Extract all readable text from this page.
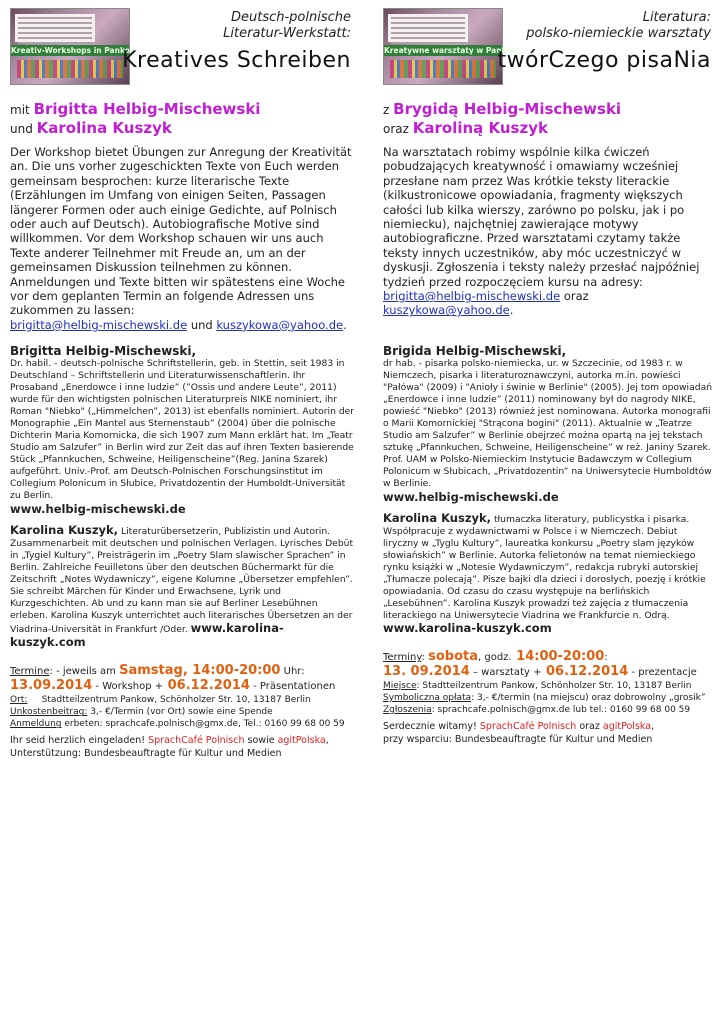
Kreativ-Workshops in Pankow
Deutsch-polnische
Literatur-Werkstatt:
Kreatives Schreiben
mit Brigitta Helbig-Mischewski
und Karolina Kuszyk

Der Workshop bietet Übungen zur Anregung der Kreativität an. Die uns vorher zugeschickten Texte von Euch werden gemeinsam besprochen: kurze literarische Texte (Erzählungen im Umfang von einigen Seiten, Passagen längerer Formen oder auch einige Gedichte, auf Polnisch oder auch auf Deutsch). Autobiografische Motive sind willkommen. Vor dem Workshop schauen wir uns auch Texte anderer Teilnehmer mit Freude an, um an der gemeinsamen Diskussion teilnehmen zu können. Anmeldungen und Texte bitten wir spätestens eine Woche vor dem geplanten Termin an folgende Adressen uns zukommen zu lassen:
brigitta@helbig-mischewski.de und kuszykowa@yahoo.de.

Brigitta Helbig-Mischewski,

Dr. habil. - deutsch-polnische Schriftstellerin, geb. in Stettin, seit 1983 in Deutschland – Schriftstellerin und Literaturwissenschaftlerin. Ihr Prosaband „Enerdowce i inne ludzie” (”Ossis und andere Leute”, 2011) wurde für den wichtigsten polnischen Literaturpreis NIKE nominiert, ihr Roman "Niebko" („Himmelchen”, 2013) ist ebenfalls nominiert. Autorin der Monographie „Ein Mantel aus Sternenstaub” (2004) über die polnische Dichterin Maria Komornicka, die sich 1907 zum Mann erklärt hat. Im „Teatr Studio am Salzufer” in Berlin wird zur Zeit das auf ihren Texten basierende Stück „Pfannkuchen, Schweine, Heiligenscheine”(Reg. Janina Szarek) aufgeführt. Univ.-Prof. am Deutsch-Polnischen Forschungsinstitut im Collegium Polonicum in Słubice, Privatdozentin der Humboldt-Universität zu Berlin.

www.helbig-mischewski.de

Karolina Kuszyk, Literaturübersetzerin, Publizistin und Autorin. Zusammenarbeit mit deutschen und polnischen Verlagen. Lyrisches Debüt in „Tygiel Kultury”, Preisträgerin im „Poetry Slam slawischer Sprachen” in Berlin. Zahlreiche Feuilletons über den deutschen Büchermarkt für die Zeitschrift „Notes Wydawniczy”, eigene Kolumne „Übersetzer empfehlen”. Sie schreibt Märchen für Kinder und Erwachsene, Lyrik und Kurzgeschichten. Ab und zu kann man sie auf Berliner Lesebühnen erleben. Karolina Kuszyk unterrichtet auch literarisches Übersetzen an der Viadrina-Universität in Frankfurt /Oder. www.karolina-kuszyk.com

Termine: - jeweils am Samstag, 14:00-20:00 Uhr:
13.09.2014 - Workshop + 06.12.2014 - Präsentationen
Ort: Stadtteilzentrum Pankow, Schönholzer Str. 10, 13187 Berlin
Unkostenbeitrag: 3,- €/Termin (vor Ort) sowie eine Spende
Anmeldung erbeten: sprachcafe.polnisch@gmx.de, Tel.: 0160 99 68 00 59
Ihr seid herzlich eingeladen! SprachCafé Polnisch sowie agitPolska,
Unterstützung: Bundesbeauftragte für Kultur und Medien
Kreatywne warsztaty w Pankow
Literatura:
polsko-niemieckie warsztaty
twórCzego pisaNia
z Brygidą Helbig-Mischewski
oraz Karoliną Kuszyk

Na warsztatach robimy wspólnie kilka ćwiczeń pobudzających kreatywność i omawiamy wcześniej przesłane nam przez Was krótkie teksty literackie (kilkustronicowe opowiadania, fragmenty większych całości lub kilka wierszy, zarówno po polsku, jak i po niemiecku), najchętniej zawierające motywy autobiograficzne. Przed warsztatami czytamy także teksty innych uczestników, aby móc uczestniczyć w dyskusji. Zgłoszenia i teksty należy przesłać najpóźniej tydzień przed rozpoczęciem kursu na adresy:
brigitta@helbig-mischewski.de oraz kuszykowa@yahoo.de.

Brigida Helbig-Mischewski,

dr hab. - pisarka polsko-niemiecka, ur. w Szczecinie, od 1983 r. w Niemczech, pisarka i literaturoznawczyni, autorka m.in. powieści "Pałówa" (2009) i "Anioły i świnie w Berlinie" (2005). Jej tom opowiadań „Enerdowce i inne ludzie” (2011) nominowany był do nagrody NIKE, powieść "Niebko" (2013) również jest nominowana. Autorka monografii o Marii Komornickiej "Strącona bogini" (2011). Aktualnie w „Teatrze Studio am Salzufer” w Berlinie obejrzeć można opartą na jej tekstach sztukę „Pfannkuchen, Schweine, Heiligenscheine” w reż. Janiny Szarek. Prof. UAM w Polsko-Niemieckim Instytucie Badawczym w Collegium Polonicum w Słubicach, „Privatdozentin” na Uniwersytecie Humboldtów w Berlinie.

www.helbig-mischewski.de

Karolina Kuszyk, tłumaczka literatury, publicystka i pisarka. Współpracuje z wydawnictwami w Polsce i w Niemczech. Debiut liryczny w „Tyglu Kultury”, laureatka konkursu „Poetry slam języków słowiańskich” w Berlinie. Autorka felietonów na temat niemieckiego rynku książki w „Notesie Wydawniczym”, redakcja rubryki autorskiej „Tłumacze polecają”. Pisze bajki dla dzieci i dorosłych, poezję i krótkie opowiadania. Od czasu do czasu występuje na berlińskich „Lesebühnen”. Karolina Kuszyk prowadzi też zajęcia z tłumaczenia literackiego na Uniwersytecie Viadrina we Frankfurcie n. Odrą. www.karolina-kuszyk.com

Terminy: sobota, godz. 14:00-20:00:
13. 09.2014 – warsztaty + 06.12.2014 - prezentacje
Miejsce: Stadtteilzentrum Pankow, Schönholzer Str. 10, 13187 Berlin
Symboliczna opłata: 3,- €/termin (na miejscu) oraz dobrowolny „grosik”
Zgłoszenia: sprachcafe.polnisch@gmx.de lub tel.: 0160 99 68 00 59
Serdecznie witamy! SprachCafé Polnisch oraz agitPolska,
przy wsparciu: Bundesbeauftragte für Kultur und Medien
